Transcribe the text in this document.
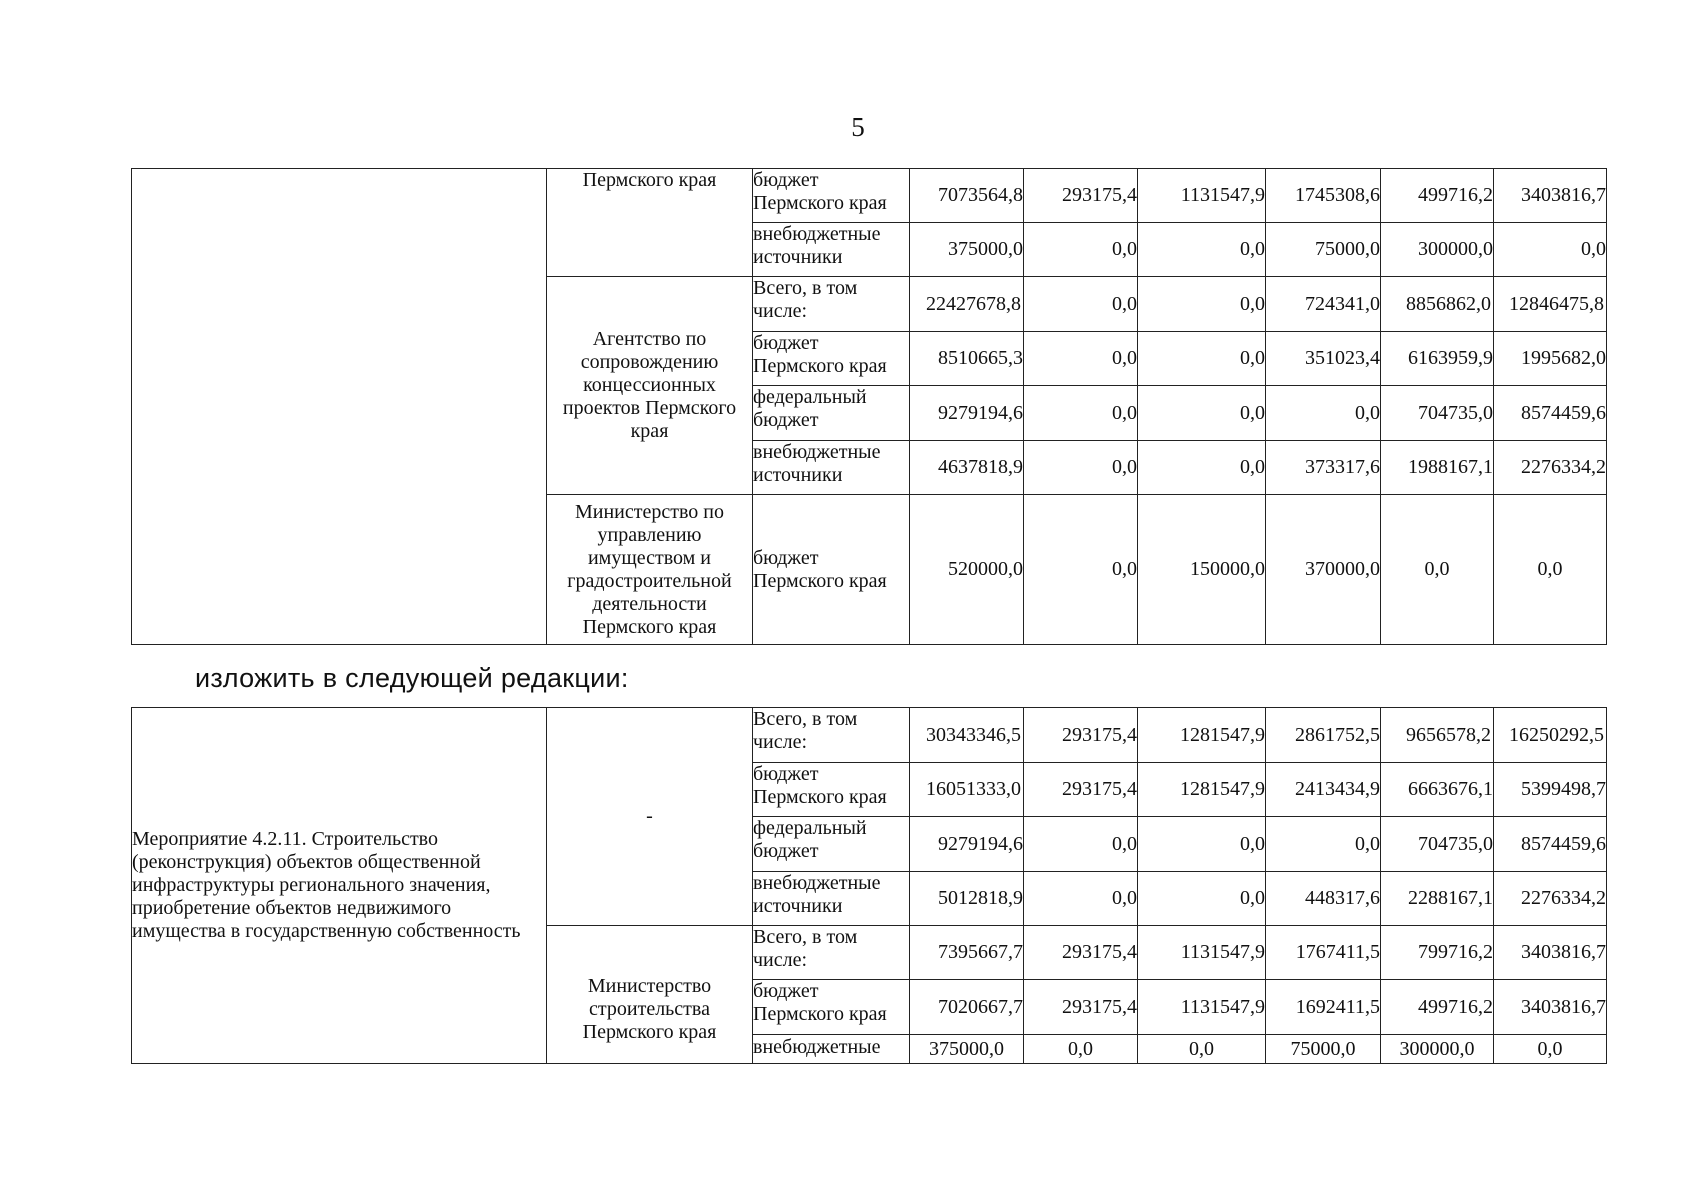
5
	Пермского края	бюджет Пермского края	7073564,8	293175,4	1131547,9	1745308,6	499716,2	3403816,7

		внебюджетные источники	375000,0	0,0	0,0	75000,0	300000,0	0,0
	Агентство по сопровождению концессионных проектов Пермского края	Всего, в том числе:	22427678,8	0,0	0,0	724341,0	8856862,0	12846475,8

		бюджет Пермского края	8510665,3	0,0	0,0	351023,4	6163959,9	1995682,0

		федеральный бюджет	9279194,6	0,0	0,0	0,0	704735,0	8574459,6

		внебюджетные источники	4637818,9	0,0	0,0	373317,6	1988167,1	2276334,2
	Министерство по управлению имуществом и градостроительной деятельности Пермского края	бюджет Пермского края	520000,0	0,0	150000,0	370000,0	0,0	0,0
изложить в следующей редакции:
Мероприятие 4.2.11. Строительство (реконструкция) объектов общественной инфраструктуры регионального значения, приобретение объектов недвижимого имущества в государственную собственность	-	Всего, в том числе:	30343346,5	293175,4	1281547,9	2861752,5	9656578,2	16250292,5

		бюджет Пермского края	16051333,0	293175,4	1281547,9	2413434,9	6663676,1	5399498,7

		федеральный бюджет	9279194,6	0,0	0,0	0,0	704735,0	8574459,6

		внебюджетные источники	5012818,9	0,0	0,0	448317,6	2288167,1	2276334,2
	Министерство строительства Пермского края	Всего, в том числе:	7395667,7	293175,4	1131547,9	1767411,5	799716,2	3403816,7

		бюджет Пермского края	7020667,7	293175,4	1131547,9	1692411,5	499716,2	3403816,7
		внебюджетные	375000,0	0,0	0,0	75000,0	300000,0	0,0
